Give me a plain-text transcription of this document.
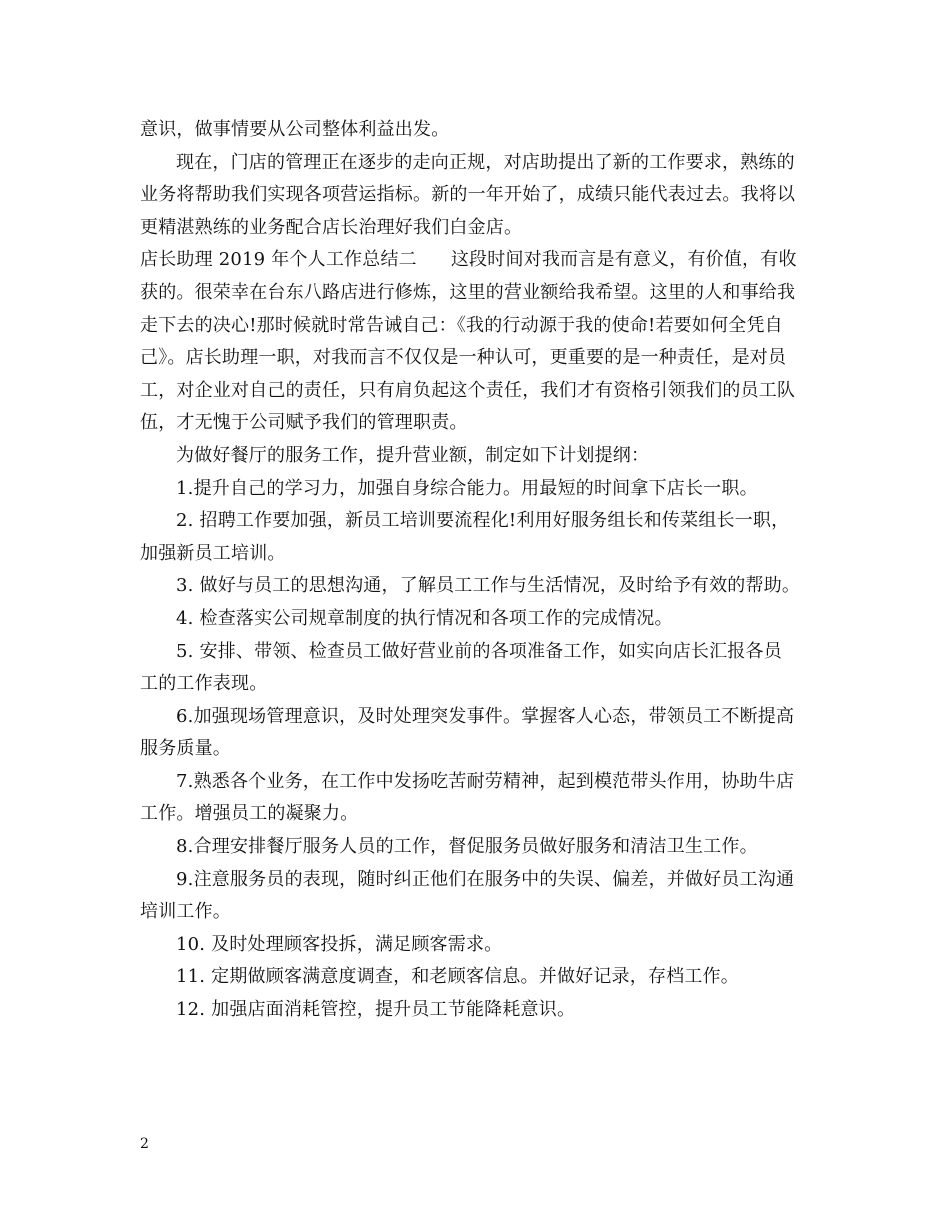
意识，做事情要从公司整体利益出发。
现在，门店的管理正在逐步的走向正规，对店助提出了新的工作要求，熟练的
业务将帮助我们实现各项营运指标。新的一年开始了，成绩只能代表过去。我将以
更精湛熟练的业务配合店长治理好我们白金店。
店长助理 2019 年个人工作总结二 这段时间对我而言是有意义，有价值，有收
获的。很荣幸在台东八路店进行修炼，这里的营业额给我希望。这里的人和事给我
走下去的决心!那时候就时常告诫自己：《我的行动源于我的使命!若要如何全凭自
己》。店长助理一职，对我而言不仅仅是一种认可，更重要的是一种责任，是对员
工，对企业对自己的责任，只有肩负起这个责任，我们才有资格引领我们的员工队
伍，才无愧于公司赋予我们的管理职责。
为做好餐厅的服务工作，提升营业额，制定如下计划提纲：
1.提升自己的学习力，加强自身综合能力。用最短的时间拿下店长一职。
2. 招聘工作要加强，新员工培训要流程化!利用好服务组长和传菜组长一职，
加强新员工培训。
3. 做好与员工的思想沟通，了解员工工作与生活情况，及时给予有效的帮助。
4. 检查落实公司规章制度的执行情况和各项工作的完成情况。
5. 安排、带领、检查员工做好营业前的各项准备工作，如实向店长汇报各员
工的工作表现。
6.加强现场管理意识，及时处理突发事件。掌握客人心态，带领员工不断提高
服务质量。
7.熟悉各个业务，在工作中发扬吃苦耐劳精神，起到模范带头作用，协助牛店
工作。增强员工的凝聚力。
8.合理安排餐厅服务人员的工作，督促服务员做好服务和清洁卫生工作。
9.注意服务员的表现，随时纠正他们在服务中的失误、偏差，并做好员工沟通
培训工作。
10. 及时处理顾客投拆，满足顾客需求。
11. 定期做顾客满意度调查，和老顾客信息。并做好记录，存档工作。
12. 加强店面消耗管控，提升员工节能降耗意识。
2
